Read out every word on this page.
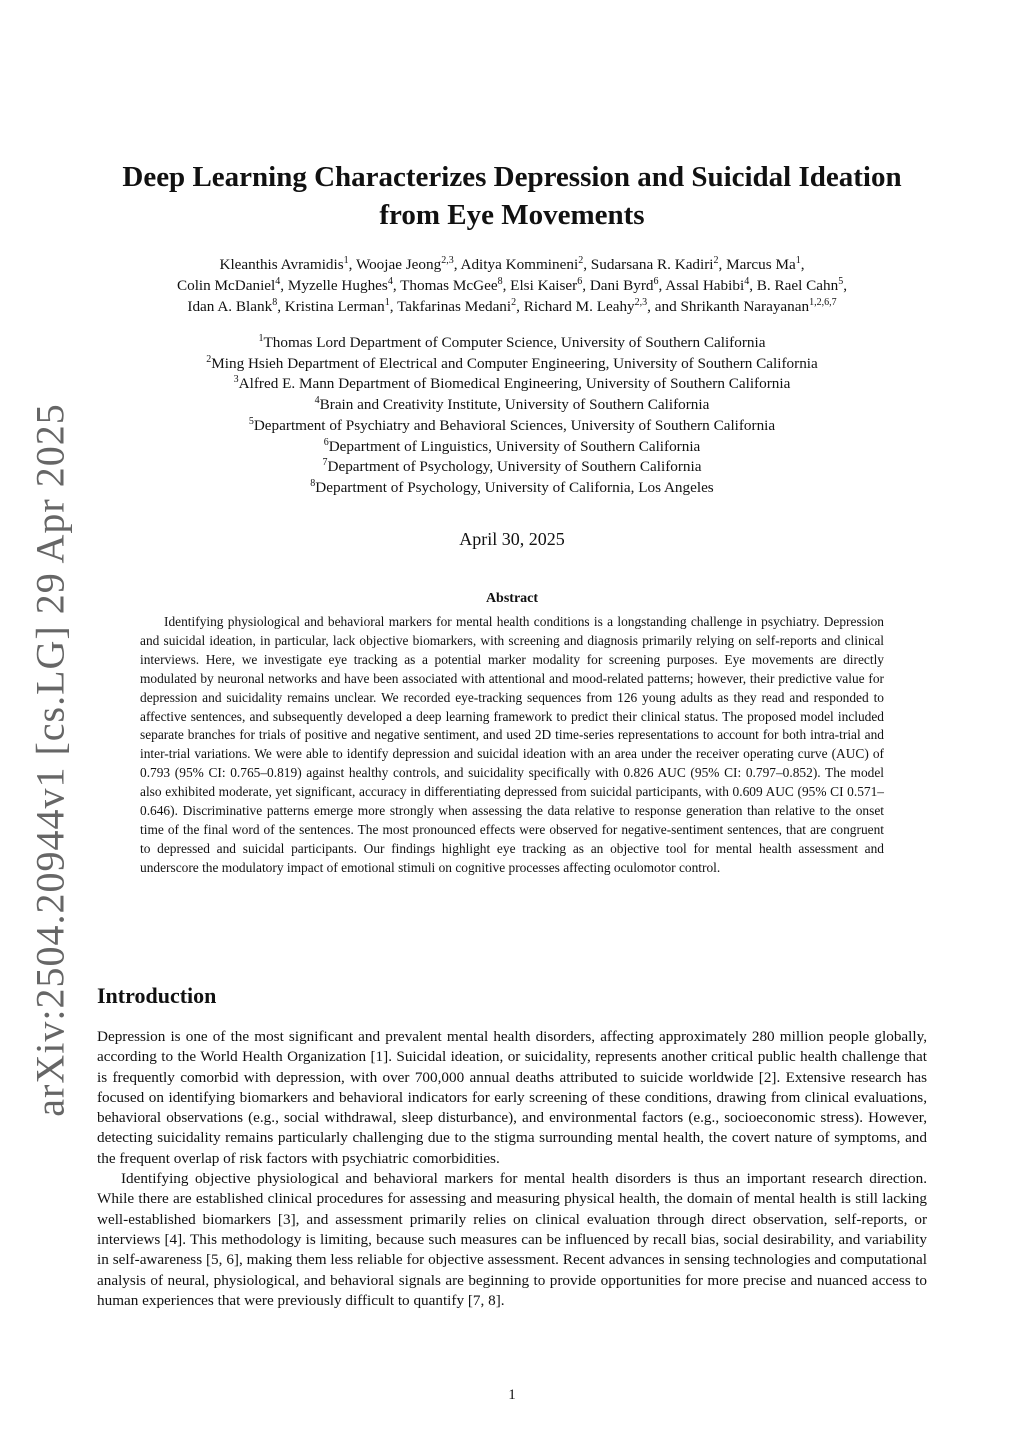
arXiv:2504.20944v1 [cs.LG] 29 Apr 2025
Deep Learning Characterizes Depression and Suicidal Ideation from Eye Movements
Kleanthis Avramidis$^1$, Woojae Jeong$^{2,3}$, Aditya Kommineni$^2$, Sudarsana R. Kadiri$^2$, Marcus Ma$^1$,
Colin McDaniel$^4$, Myzelle Hughes$^4$, Thomas McGee$^8$, Elsi Kaiser$^6$, Dani Byrd$^6$, Assal Habibi$^4$, B. Rael Cahn$^5$,
Idan A. Blank$^8$, Kristina Lerman$^1$, Takfarinas Medani$^2$, Richard M. Leahy$^{2,3}$, and Shrikanth Narayanan$^{1,2,6,7}$
$^1$Thomas Lord Department of Computer Science, University of Southern California
$^2$Ming Hsieh Department of Electrical and Computer Engineering, University of Southern California
$^3$Alfred E. Mann Department of Biomedical Engineering, University of Southern California
$^4$Brain and Creativity Institute, University of Southern California
$^5$Department of Psychiatry and Behavioral Sciences, University of Southern California
$^6$Department of Linguistics, University of Southern California
$^7$Department of Psychology, University of Southern California
$^8$Department of Psychology, University of California, Los Angeles
April 30, 2025
Abstract

Identifying physiological and behavioral markers for mental health conditions is a longstanding challenge in psychiatry. Depression and suicidal ideation, in particular, lack objective biomarkers, with screening and diagnosis primarily relying on self-reports and clinical interviews. Here, we investigate eye tracking as a potential marker modality for screening purposes. Eye movements are directly modulated by neuronal networks and have been associated with attentional and mood-related patterns; however, their predictive value for depression and suicidality remains unclear. We recorded eye-tracking sequences from 126 young adults as they read and responded to affective sentences, and subsequently developed a deep learning framework to predict their clinical status. The proposed model included separate branches for trials of positive and negative sentiment, and used 2D time-series representations to account for both intra-trial and inter-trial variations. We were able to identify depression and suicidal ideation with an area under the receiver operating curve (AUC) of 0.793 (95% CI: 0.765–0.819) against healthy controls, and suicidality specifically with 0.826 AUC (95% CI: 0.797–0.852). The model also exhibited moderate, yet significant, accuracy in differentiating depressed from suicidal participants, with 0.609 AUC (95% CI 0.571–0.646). Discriminative patterns emerge more strongly when assessing the data relative to response generation than relative to the onset time of the final word of the sentences. The most pronounced effects were observed for negative-sentiment sentences, that are congruent to depressed and suicidal participants. Our findings highlight eye tracking as an objective tool for mental health assessment and underscore the modulatory impact of emotional stimuli on cognitive processes affecting oculomotor control.

Introduction

Depression is one of the most significant and prevalent mental health disorders, affecting approximately 280 million people globally, according to the World Health Organization [1]. Suicidal ideation, or suicidality, represents another critical public health challenge that is frequently comorbid with depression, with over 700,000 annual deaths attributed to suicide worldwide [2]. Extensive research has focused on identifying biomarkers and behavioral indicators for early screening of these conditions, drawing from clinical evaluations, behavioral observations (e.g., social withdrawal, sleep disturbance), and environmental factors (e.g., socioeconomic stress). However, detecting suicidality remains particularly challenging due to the stigma surrounding mental health, the covert nature of symptoms, and the frequent overlap of risk factors with psychiatric comorbidities.

Identifying objective physiological and behavioral markers for mental health disorders is thus an important research direction. While there are established clinical procedures for assessing and measuring physical health, the domain of mental health is still lacking well-established biomarkers [3], and assessment primarily relies on clinical evaluation through direct observation, self-reports, or interviews [4]. This methodology is limiting, because such measures can be influenced by recall bias, social desirability, and variability in self-awareness [5, 6], making them less reliable for objective assessment. Recent advances in sensing technologies and computational analysis of neural, physiological, and behavioral signals are beginning to provide opportunities for more precise and nuanced access to human experiences that were previously difficult to quantify [7, 8].

1
